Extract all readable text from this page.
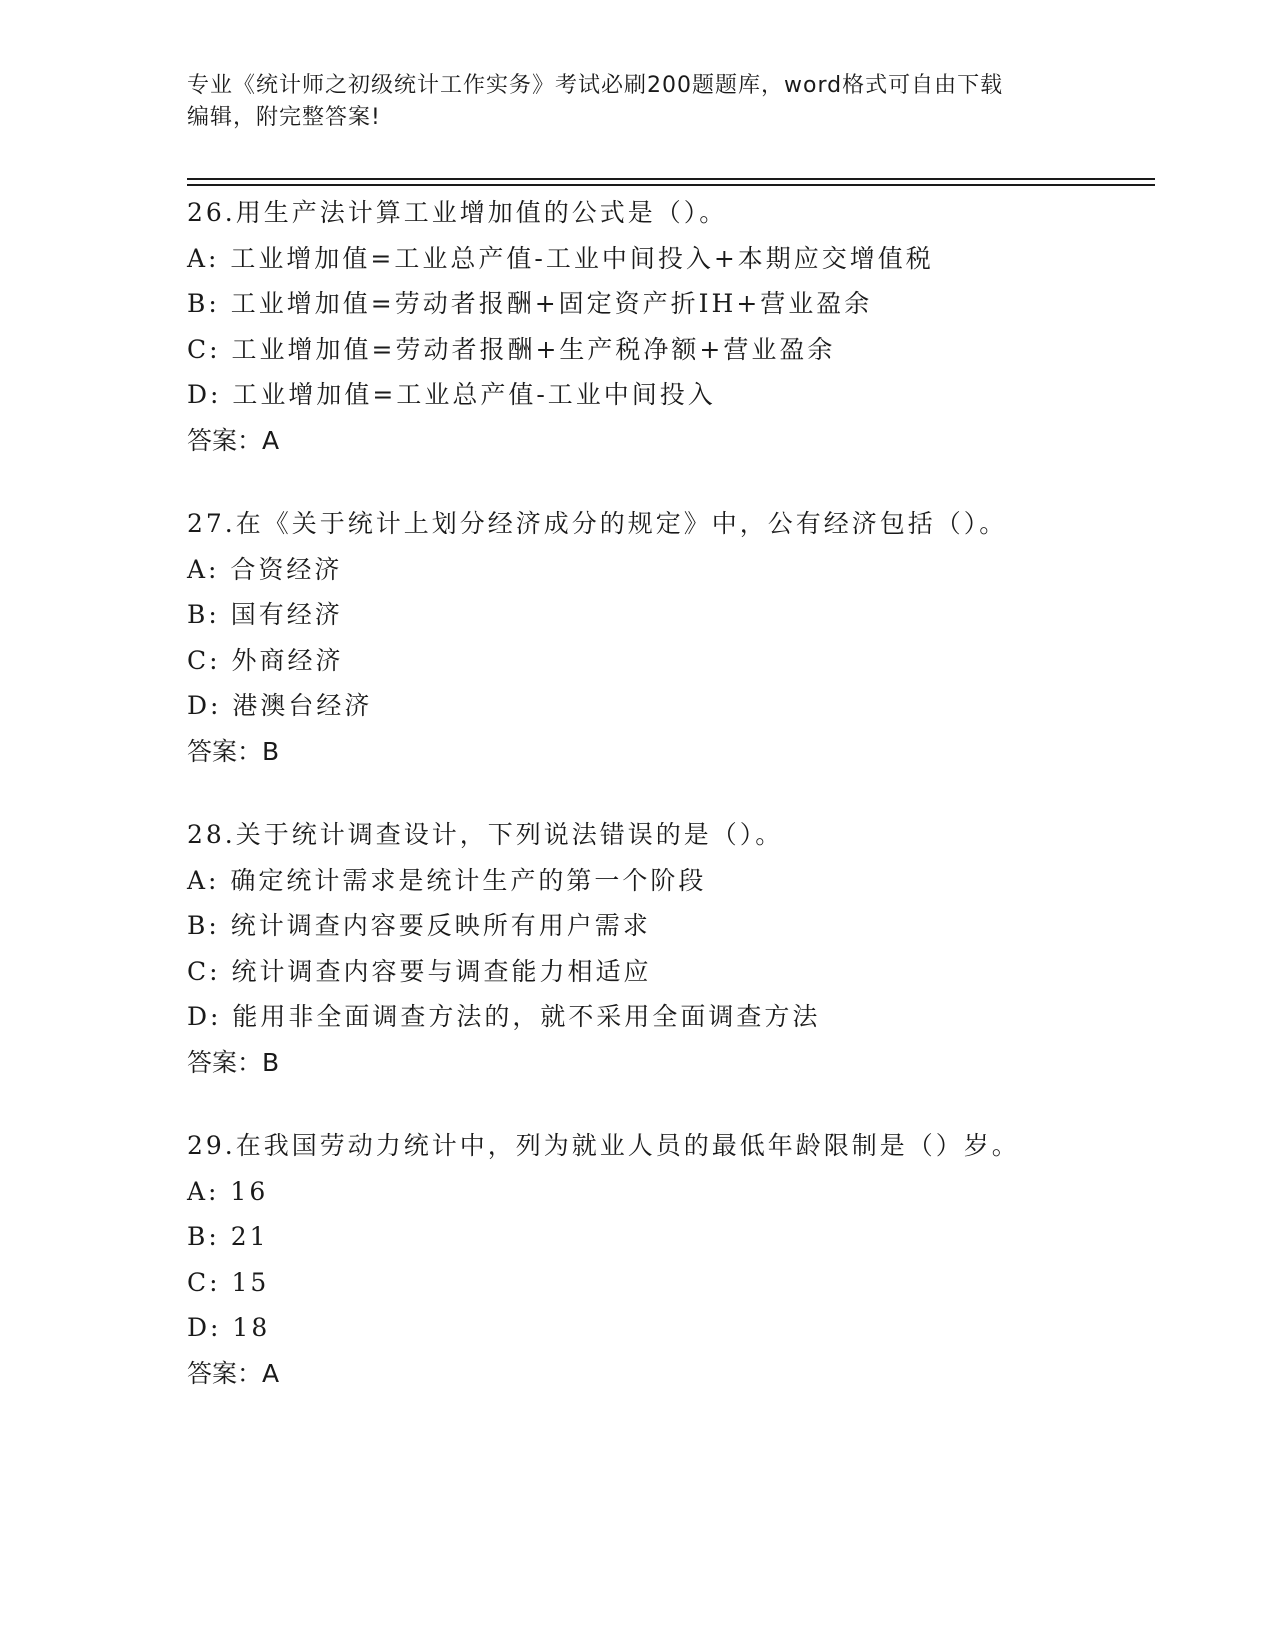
专业《统计师之初级统计工作实务》考试必刷200题题库，word格式可自由下载
编辑，附完整答案!
26.用生产法计算工业增加值的公式是（）。
A: 工业增加值=工业总产值-工业中间投入+本期应交增值税
B: 工业增加值=劳动者报酬+固定资产折IH+营业盈余
C: 工业增加值=劳动者报酬+生产税净额+营业盈余
D: 工业增加值=工业总产值-工业中间投入
答案：A
27.在《关于统计上划分经济成分的规定》中，公有经济包括（）。
A: 合资经济
B: 国有经济
C: 外商经济
D: 港澳台经济
答案：B
28.关于统计调查设计，下列说法错误的是（）。
A: 确定统计需求是统计生产的第一个阶段
B: 统计调查内容要反映所有用户需求
C: 统计调查内容要与调查能力相适应
D: 能用非全面调查方法的，就不采用全面调查方法
答案：B
29.在我国劳动力统计中，列为就业人员的最低年龄限制是（）岁。
A: 16
B: 21
C: 15
D: 18
答案：A
